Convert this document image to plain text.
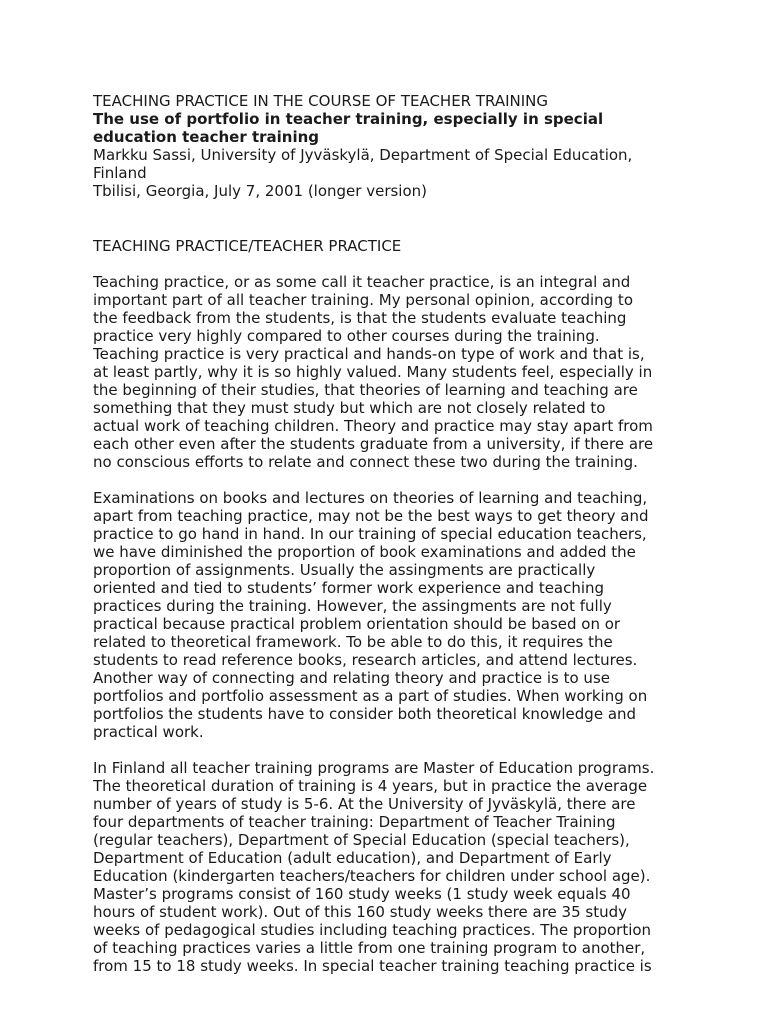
TEACHING PRACTICE IN THE COURSE OF TEACHER TRAINING

The use of portfolio in teacher training, especially in special
education teacher training

Markku Sassi, University of Jyväskylä, Department of Special Education,
Finland

Tbilisi, Georgia, July 7, 2001 (longer version)

TEACHING PRACTICE/TEACHER PRACTICE

Teaching practice, or as some call it teacher practice, is an integral and
important part of all teacher training. My personal opinion, according to
the feedback from the students, is that the students evaluate teaching
practice very highly compared to other courses during the training.
Teaching practice is very practical and hands-on type of work and that is,
at least partly, why it is so highly valued. Many students feel, especially in
the beginning of their studies, that theories of learning and teaching are
something that they must study but which are not closely related to
actual work of teaching children. Theory and practice may stay apart from
each other even after the students graduate from a university, if there are
no conscious efforts to relate and connect these two during the training.

Examinations on books and lectures on theories of learning and teaching,
apart from teaching practice, may not be the best ways to get theory and
practice to go hand in hand. In our training of special education teachers,
we have diminished the proportion of book examinations and added the
proportion of assignments. Usually the assingments are practically
oriented and tied to students’ former work experience and teaching
practices during the training. However, the assingments are not fully
practical because practical problem orientation should be based on or
related to theoretical framework. To be able to do this, it requires the
students to read reference books, research articles, and attend lectures.
Another way of connecting and relating theory and practice is to use
portfolios and portfolio assessment as a part of studies. When working on
portfolios the students have to consider both theoretical knowledge and
practical work.

In Finland all teacher training programs are Master of Education programs.
The theoretical duration of training is 4 years, but in practice the average
number of years of study is 5-6. At the University of Jyväskylä, there are
four departments of teacher training: Department of Teacher Training
(regular teachers), Department of Special Education (special teachers),
Department of Education (adult education), and Department of Early
Education (kindergarten teachers/teachers for children under school age).
Master’s programs consist of 160 study weeks (1 study week equals 40
hours of student work). Out of this 160 study weeks there are 35 study
weeks of pedagogical studies including teaching practices. The proportion
of teaching practices varies a little from one training program to another,
from 15 to 18 study weeks. In special teacher training teaching practice is
